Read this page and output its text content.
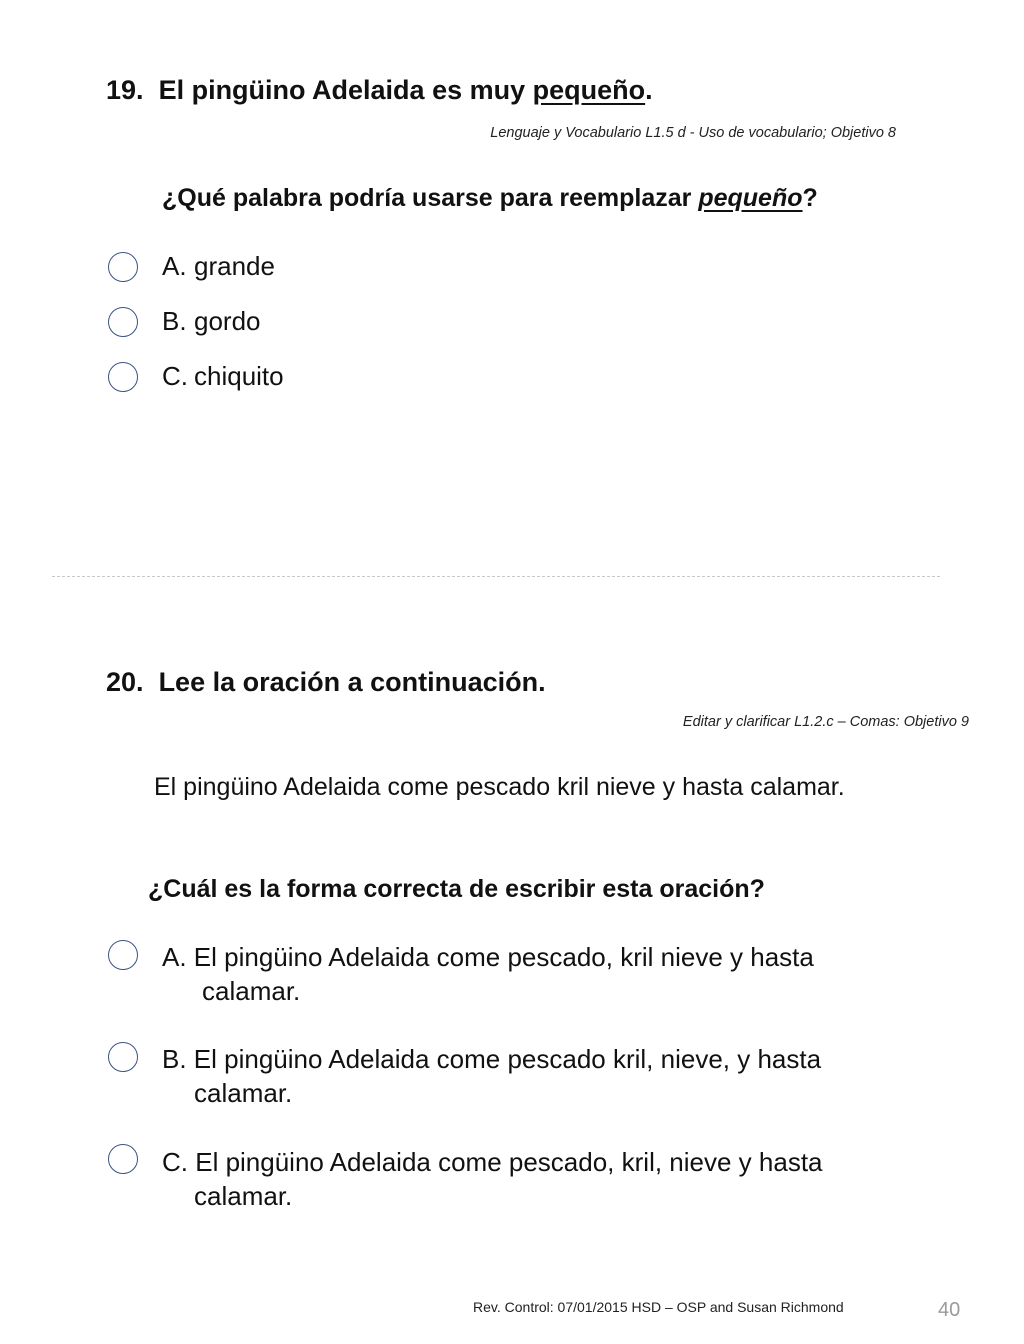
19. El pingüino Adelaida es muy pequeño.
Lenguaje y Vocabulario L1.5 d - Uso de vocabulario; Objetivo 8
¿Qué palabra podría usarse para reemplazar pequeño?
A. grande
B. gordo
C. chiquito
20. Lee la oración a continuación.
Editar y clarificar L1.2.c – Comas: Objetivo 9
El pingüino Adelaida come pescado kril nieve y hasta calamar.
¿Cuál es la forma correcta de escribir esta oración?
A. El pingüino Adelaida come pescado, kril nieve y hasta
calamar.
B. El pingüino Adelaida come pescado kril, nieve, y hasta
calamar.
C. El pingüino Adelaida come pescado, kril, nieve y hasta
calamar.
Rev. Control: 07/01/2015 HSD – OSP and Susan Richmond	40
